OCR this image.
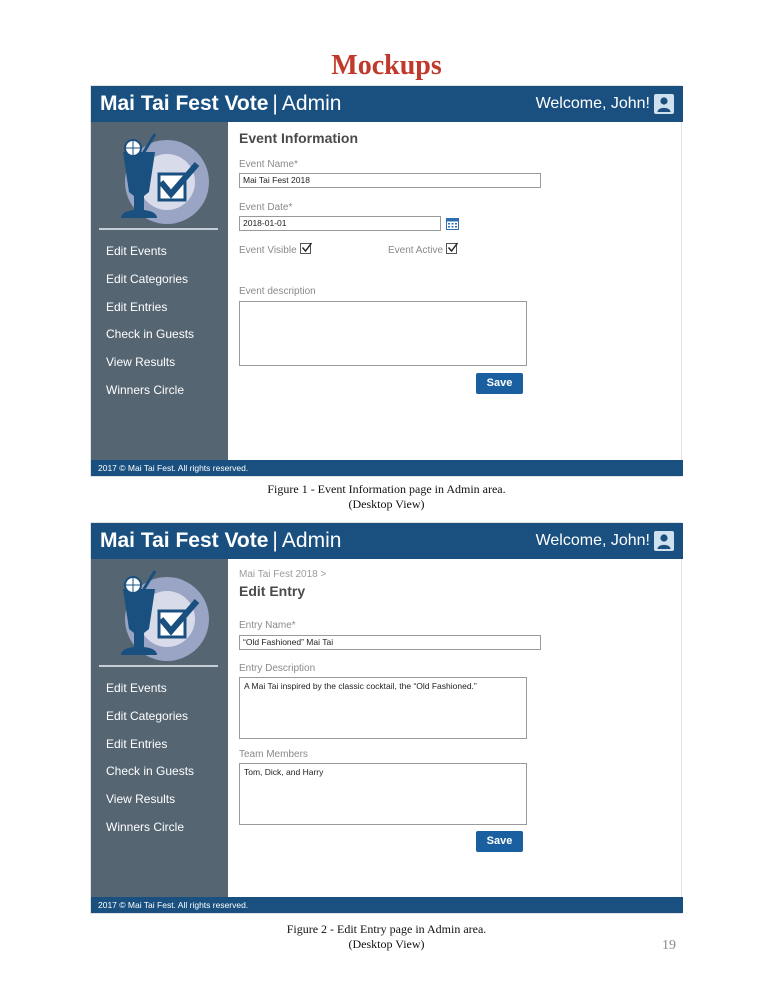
Mockups
Mai Tai Fest Vote | Admin	Welcome, John!
Edit Events
Edit Categories
Edit Entries
Check in Guests
View Results
Winners Circle
Event Information
Event Name*
Mai Tai Fest 2018
Event Date*
2018-01-01
Event Visible	Event Active
Event description
Save
2017 © Mai Tai Fest. All rights reserved.
Figure 1 - Event Information page in Admin area.
(Desktop View)
Mai Tai Fest Vote | Admin	Welcome, John!
Edit Events
Edit Categories
Edit Entries
Check in Guests
View Results
Winners Circle
Mai Tai Fest 2018 >
Edit Entry
Entry Name*
“Old Fashioned” Mai Tai
Entry Description
A Mai Tai inspired by the classic cocktail, the “Old Fashioned.”
Team Members
Tom, Dick, and Harry
Save
2017 © Mai Tai Fest. All rights reserved.
Figure 2 - Edit Entry page in Admin area.
(Desktop View)	19
